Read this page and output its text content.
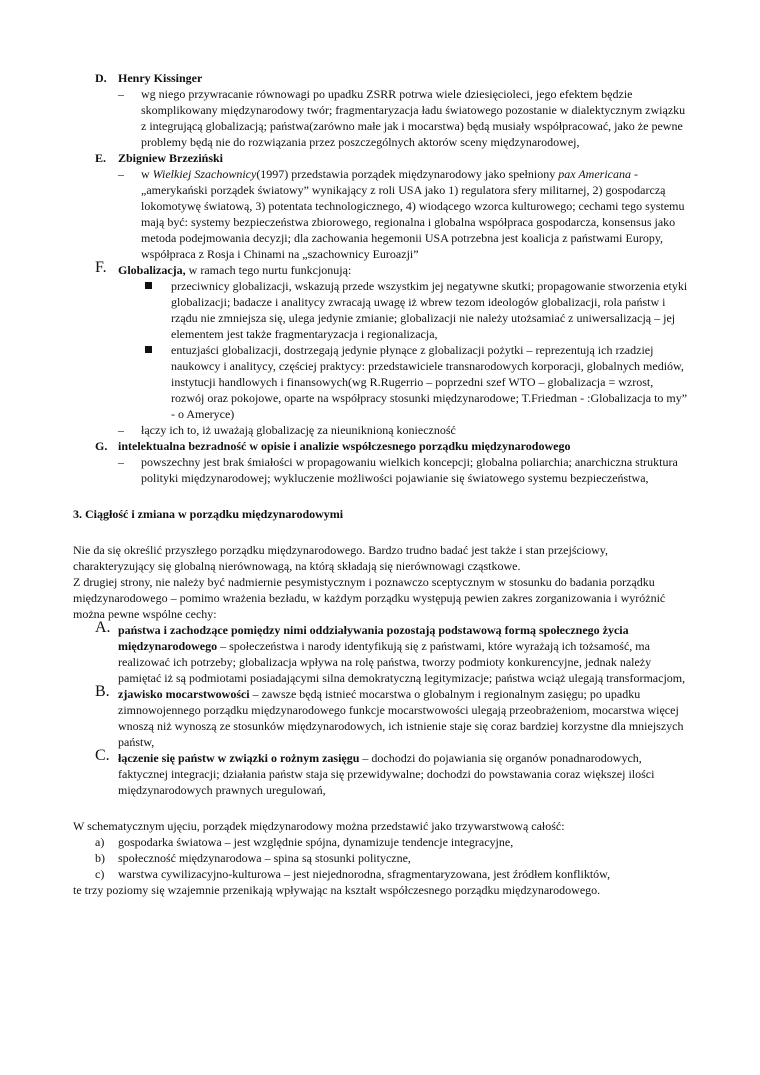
D. Henry Kissinger
– wg niego przywracanie równowagi po upadku ZSRR potrwa wiele dziesięcioleci, jego efektem będzie skomplikowany międzynarodowy twór; fragmentaryzacja ładu światowego pozostanie w dialektycznym związku z integrującą globalizacją; państwa(zarówno małe jak i mocarstwa) będą musiały współpracować, jako że pewne problemy będą nie do rozwiązania przez poszczególnych aktorów sceny międzynarodowej,
E. Zbigniew Brzeziński
– w Wielkiej Szachownicy(1997) przedstawia porządek międzynarodowy jako spełniony pax Americana - „amerykański porządek światowy” wynikający z roli USA jako 1) regulatora sfery militarnej, 2) gospodarczą lokomotywę światową, 3) potentata technologicznego, 4) wiodącego wzorca kulturowego; cechami tego systemu mają być: systemy bezpieczeństwa zbiorowego, regionalna i globalna współpraca gospodarcza, konsensus jako metoda podejmowania decyzji; dla zachowania hegemonii USA potrzebna jest koalicja z państwami Europy, współpraca z Rosja i Chinami na „szachownicy Euroazji”
F. Globalizacja, w ramach tego nurtu funkcjonują:
przeciwnicy globalizacji, wskazują przede wszystkim jej negatywne skutki; propagowanie stworzenia etyki globalizacji; badacze i analitycy zwracają uwagę iż wbrew tezom ideologów globalizacji, rola państw i rządu nie zmniejsza się, ulega jedynie zmianie; globalizacji nie należy utożsamiać z uniwersalizacją – jej elementem jest także fragmentaryzacja i regionalizacja,
entuzjaści globalizacji, dostrzegają jedynie płynące z globalizacji pożytki – reprezentują ich rzadziej naukowcy i analitycy, częściej praktycy: przedstawiciele transnarodowych korporacji, globalnych mediów, instytucji handlowych i finansowych(wg R.Rugerrio – poprzedni szef WTO – globalizacja = wzrost, rozwój oraz pokojowe, oparte na współpracy stosunki międzynarodowe; T.Friedman - :Globalizacja to my” - o Ameryce)
– łączy ich to, iż uważają globalizację za nieuniknioną konieczność
G. intelektualna bezradność w opisie i analizie współczesnego porządku międzynarodowego
– powszechny jest brak śmiałości w propagowaniu wielkich koncepcji; globalna poliarchia; anarchiczna struktura polityki międzynarodowej; wykluczenie możliwości pojawianie się światowego systemu bezpieczeństwa,
3. Ciągłość i zmiana w porządku międzynarodowymi
Nie da się określić przyszłego porządku międzynarodowego. Bardzo trudno badać jest także i stan przejściowy, charakteryzujący się globalną nierównowagą, na którą składają się nierównowagi cząstkowe.
Z drugiej strony, nie należy być nadmiernie pesymistycznym i poznawczo sceptycznym w stosunku do badania porządku międzynarodowego – pomimo wrażenia bezładu, w każdym porządku występują pewien zakres zorganizowania i wyróżnić można pewne wspólne cechy:
A. państwa i zachodzące pomiędzy nimi oddziaływania pozostają podstawową formą społecznego życia międzynarodowego – społeczeństwa i narody identyfikują się z państwami, które wyrażają ich tożsamość, ma realizować ich potrzeby; globalizacja wpływa na rolę państwa, tworzy podmioty konkurencyjne, jednak należy pamiętać iż są podmiotami posiadającymi silna demokratyczną legitymizacje; państwa wciąż ulegają transformacjom,
B. zjawisko mocarstwowości – zawsze będą istnieć mocarstwa o globalnym i regionalnym zasięgu; po upadku zimnowojennego porządku międzynarodowego funkcje mocarstwowości ulegają przeobrażeniom, mocarstwa więcej wnoszą niż wynoszą ze stosunków międzynarodowych, ich istnienie staje się coraz bardziej korzystne dla mniejszych państw,
C. łączenie się państw w związki o rożnym zasięgu – dochodzi do pojawiania się organów ponadnarodowych, faktycznej integracji; działania państw staja się przewidywalne; dochodzi do powstawania coraz większej ilości międzynarodowych prawnych uregulowań,
W schematycznym ujęciu, porządek międzynarodowy można przedstawić jako trzywarstwową całość:
a) gospodarka światowa – jest względnie spójna, dynamizuje tendencje integracyjne,
b) społeczność międzynarodowa – spina są stosunki polityczne,
c) warstwa cywilizacyjno-kulturowa – jest niejednorodna, sfragmentaryzowana, jest źródłem konfliktów,
te trzy poziomy się wzajemnie przenikają wpływając na kształt współczesnego porządku międzynarodowego.
